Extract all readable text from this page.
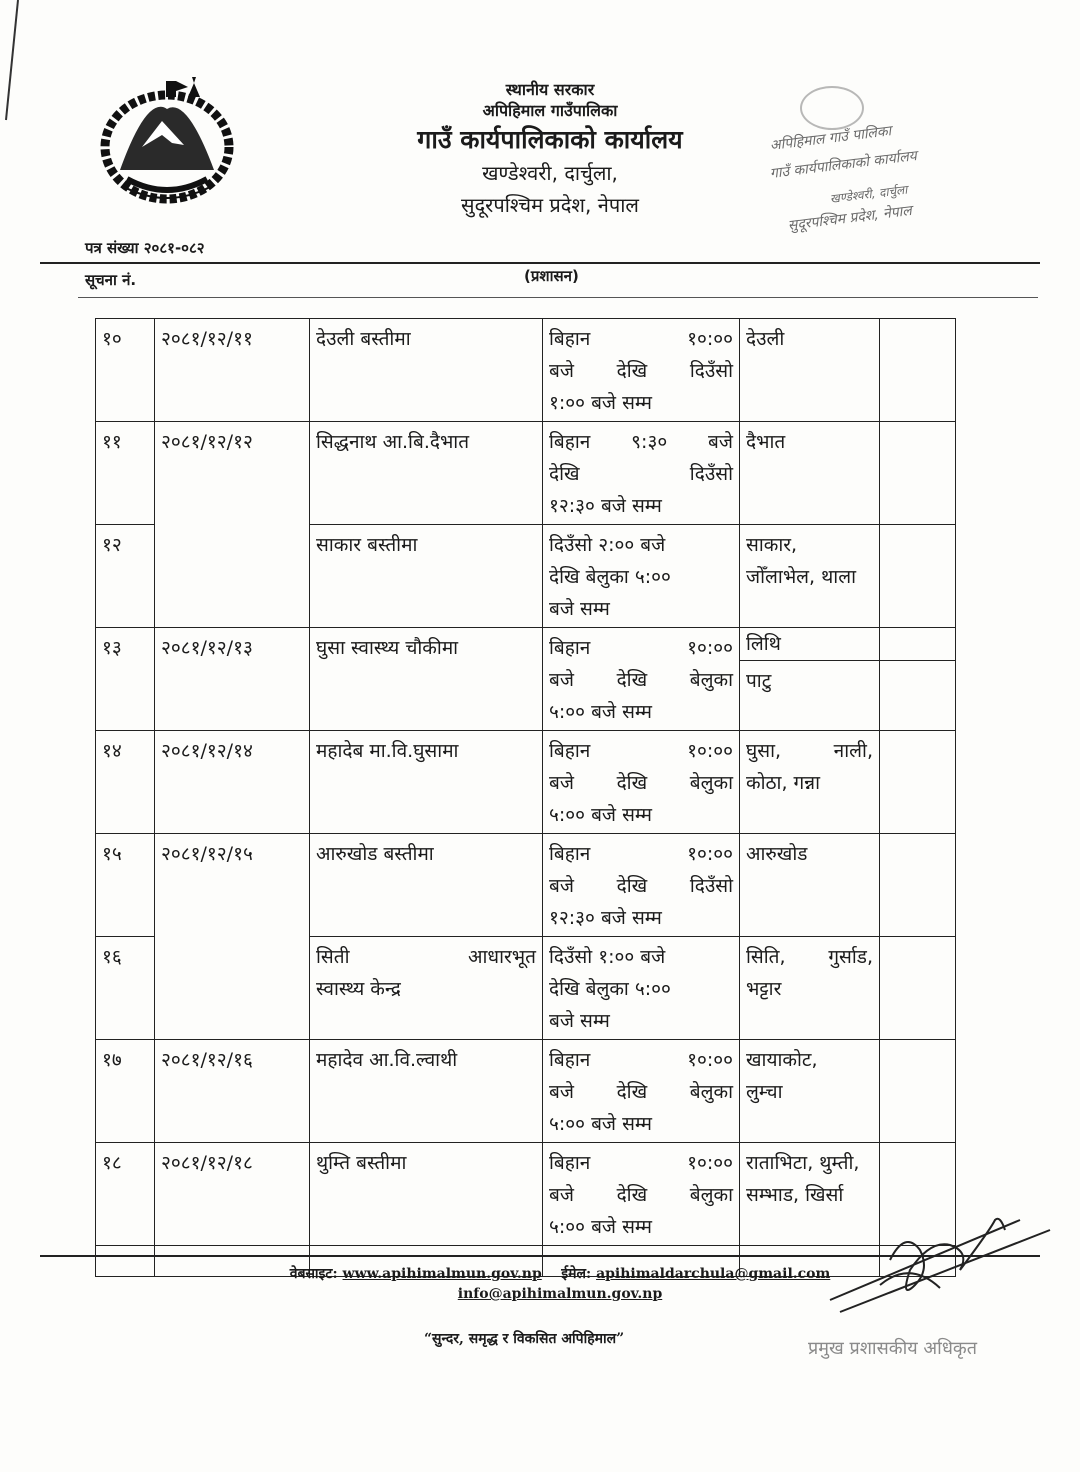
स्थानीय सरकार
अपिहिमाल गाउँपालिका
गाउँ कार्यपालिकाको कार्यालय
खण्डेश्वरी, दार्चुला,
सुदूरपश्चिम प्रदेश, नेपाल
अपिहिमाल गाउँ पालिका
गाउँ कार्यपालिकाको कार्यालय
खण्डेश्वरी, दार्चुला
सुदूरपश्चिम प्रदेश, नेपाल
पत्र संख्या २०८१-०८२
सूचना नं.	(प्रशासन)
१०	२०८१/१२/११	देउली बस्तीमा	बिहान १०:००
बजे देखि दिउँसो
१:०० बजे सम्म	देउली	
११	२०८१/१२/१२	सिद्धनाथ आ.बि.दैभात	बिहान ९:३० बजे
देखि दिउँसो
१२:३० बजे सम्म	दैभात	
१२		साकार बस्तीमा	दिउँसो २:०० बजे
देखि बेलुका ५:००
बजे सम्म	साकार,
जोँलाभेल, थाला	

१३	२०८१/१२/१३	घुसा स्वास्थ्य चौकीमा	बिहान १०:००
बजे देखि बेलुका
५:०० बजे सम्म	लिथि	
				पाटु	
१४	२०८१/१२/१४	महादेब मा.वि.घुसामा	बिहान १०:००
बजे देखि बेलुका
५:०० बजे सम्म	घुसा, नाली,
कोठा, गन्ना	

१५	२०८१/१२/१५	आरुखोड बस्तीमा	बिहान १०:००
बजे देखि दिउँसो
१२:३० बजे सम्म	आरुखोड	
१६		सिती आधारभूत
स्वास्थ्य केन्द्र	दिउँसो १:०० बजे
देखि बेलुका ५:००
बजे सम्म	सिति, गुर्साड,
भट्टार	

१७	२०८१/१२/१६	महादेव आ.वि.ल्वाथी	बिहान १०:००
बजे देखि बेलुका
५:०० बजे सम्म	खायाकोट,
लुम्चा	

१८	२०८१/१२/१८	थुम्ति बस्तीमा	बिहान १०:००
बजे देखि बेलुका
५:०० बजे सम्म	राताभिटा, थुम्ती,
सम्भाड, खिर्सा	

वेबसाइट: www.apihimalmun.gov.np ईमेल: apihimaldarchula@gmail.com
info@apihimalmun.gov.np
“सुन्दर, समृद्ध र विकसित अपिहिमाल”	प्रमुख प्रशासकीय अधिकृत
